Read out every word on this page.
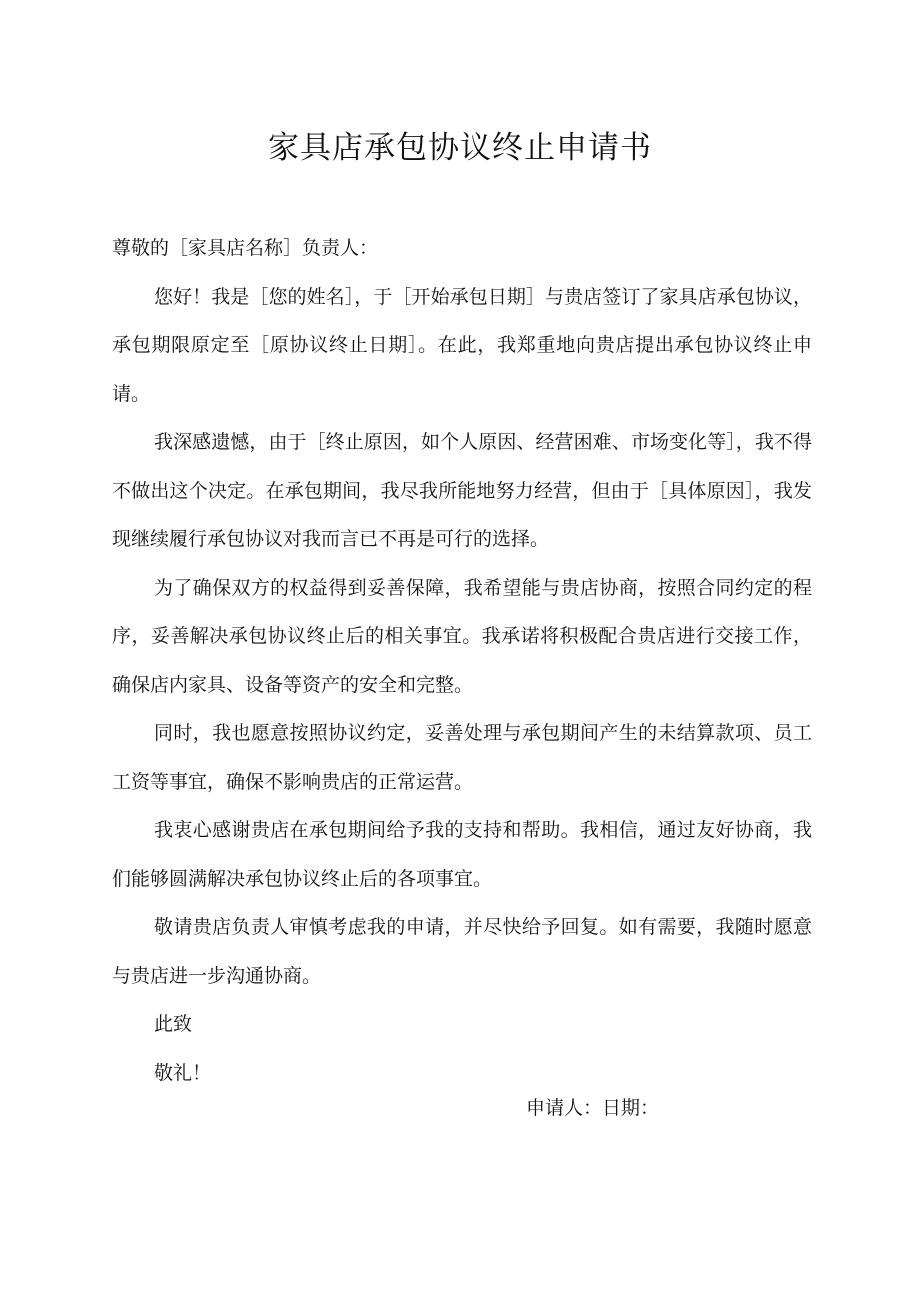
家具店承包协议终止申请书

尊敬的［家具店名称］负责人：

您好！我是［您的姓名］，于［开始承包日期］与贵店签订了家具店承包协议，承包期限原定至［原协议终止日期］。在此，我郑重地向贵店提出承包协议终止申请。

我深感遗憾，由于［终止原因，如个人原因、经营困难、市场变化等］，我不得不做出这个决定。在承包期间，我尽我所能地努力经营，但由于［具体原因］，我发现继续履行承包协议对我而言已不再是可行的选择。

为了确保双方的权益得到妥善保障，我希望能与贵店协商，按照合同约定的程序，妥善解决承包协议终止后的相关事宜。我承诺将积极配合贵店进行交接工作，确保店内家具、设备等资产的安全和完整。

同时，我也愿意按照协议约定，妥善处理与承包期间产生的未结算款项、员工工资等事宜，确保不影响贵店的正常运营。

我衷心感谢贵店在承包期间给予我的支持和帮助。我相信，通过友好协商，我们能够圆满解决承包协议终止后的各项事宜。

敬请贵店负责人审慎考虑我的申请，并尽快给予回复。如有需要，我随时愿意与贵店进一步沟通协商。

此致
敬礼！
申请人：日期：
